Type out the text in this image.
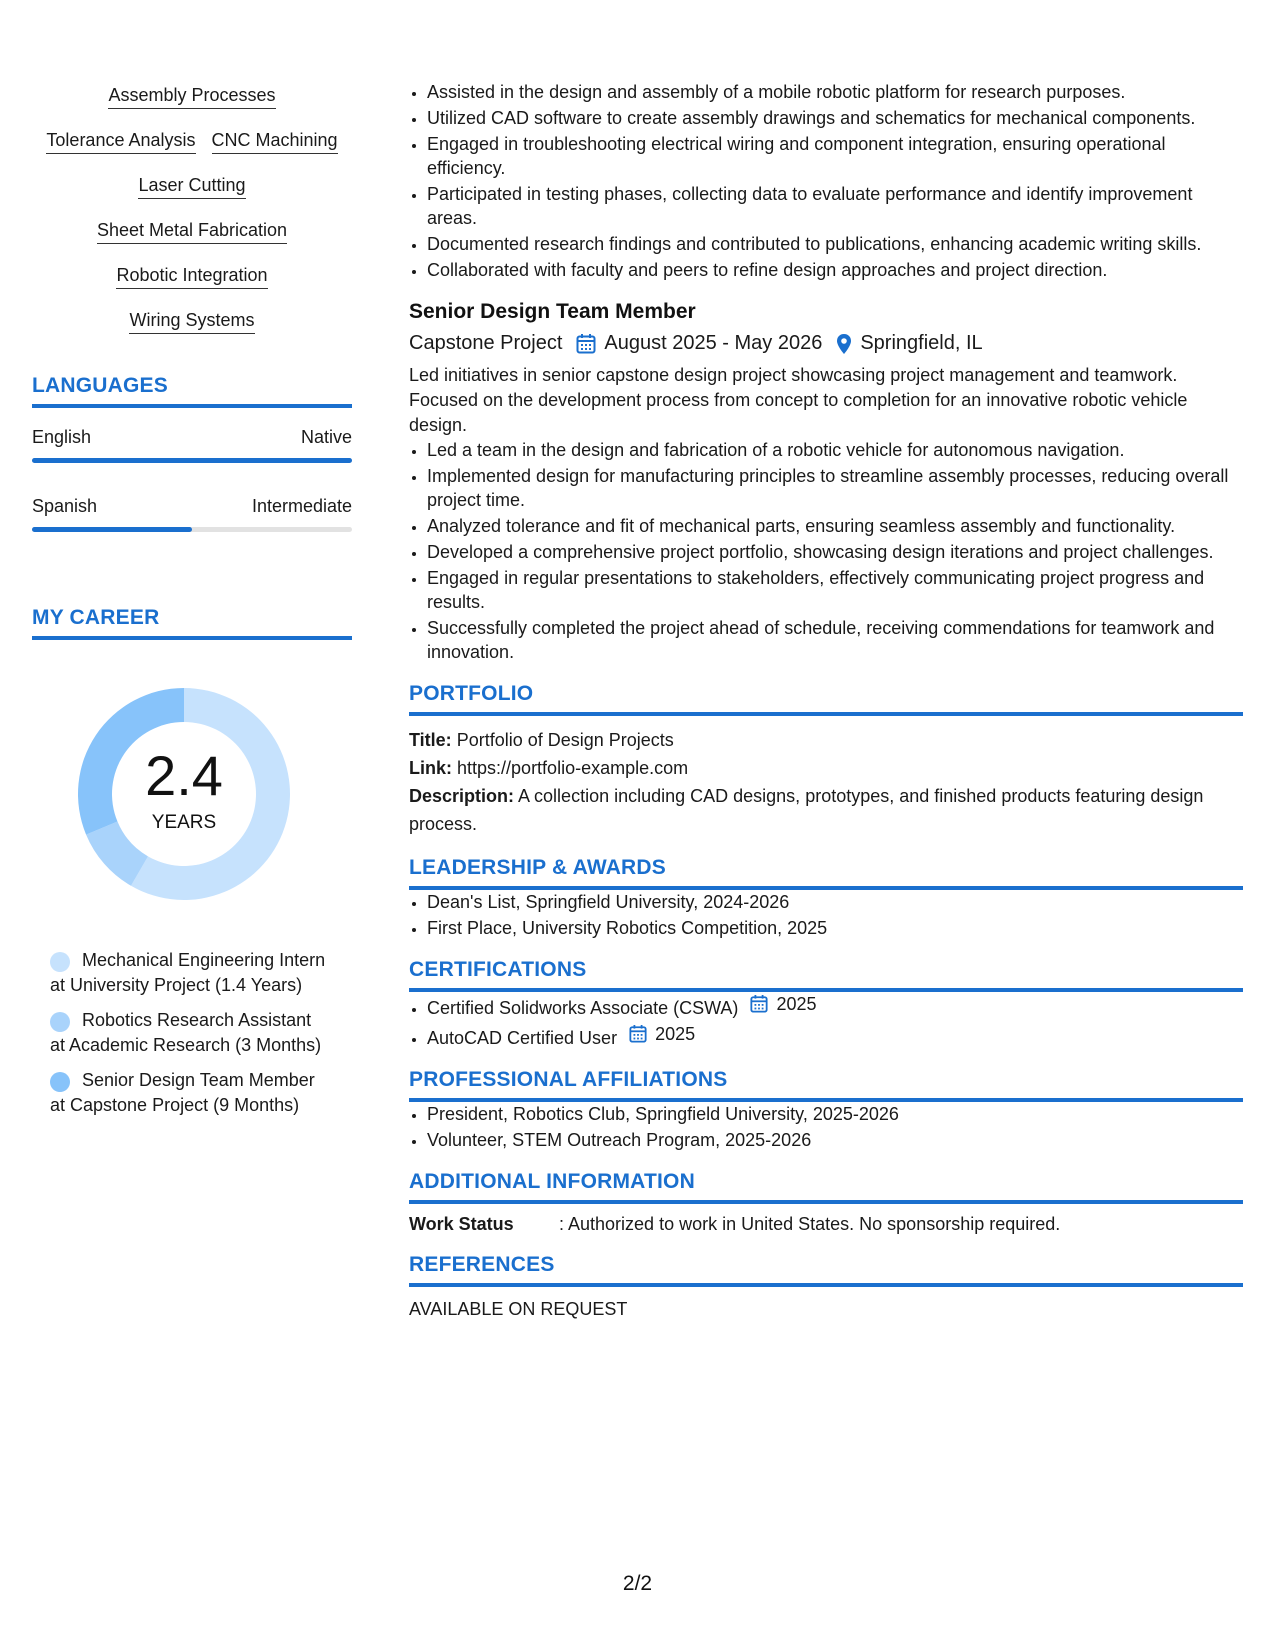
Assembly Processes
Tolerance Analysis CNC Machining
Laser Cutting
Sheet Metal Fabrication
Robotic Integration
Wiring Systems
LANGUAGES
English	Native
Spanish	Intermediate
MY CAREER
2.4
YEARS
Mechanical Engineering Intern at University Project (1.4 Years)
Robotics Research Assistant at Academic Research (3 Months)
Senior Design Team Member at Capstone Project (9 Months)
• Assisted in the design and assembly of a mobile robotic platform for research purposes.
• Utilized CAD software to create assembly drawings and schematics for mechanical components.
• Engaged in troubleshooting electrical wiring and component integration, ensuring operational efficiency.
• Participated in testing phases, collecting data to evaluate performance and identify improvement areas.
• Documented research findings and contributed to publications, enhancing academic writing skills.
• Collaborated with faculty and peers to refine design approaches and project direction.
Senior Design Team Member
Capstone Project August 2025 - May 2026 Springfield, IL
Led initiatives in senior capstone design project showcasing project management and teamwork. Focused on the development process from concept to completion for an innovative robotic vehicle design.
• Led a team in the design and fabrication of a robotic vehicle for autonomous navigation.
• Implemented design for manufacturing principles to streamline assembly processes, reducing overall project time.
• Analyzed tolerance and fit of mechanical parts, ensuring seamless assembly and functionality.
• Developed a comprehensive project portfolio, showcasing design iterations and project challenges.
• Engaged in regular presentations to stakeholders, effectively communicating project progress and results.
• Successfully completed the project ahead of schedule, receiving commendations for teamwork and innovation.
PORTFOLIO
Title: Portfolio of Design Projects
Link: https://portfolio-example.com
Description: A collection including CAD designs, prototypes, and finished products featuring design process.
LEADERSHIP & AWARDS
• Dean's List, Springfield University, 2024-2026
• First Place, University Robotics Competition, 2025
CERTIFICATIONS
• Certified Solidworks Associate (CSWA) 2025
• AutoCAD Certified User 2025
PROFESSIONAL AFFILIATIONS
• President, Robotics Club, Springfield University, 2025-2026
• Volunteer, STEM Outreach Program, 2025-2026
ADDITIONAL INFORMATION
Work Status	: Authorized to work in United States. No sponsorship required.
REFERENCES
AVAILABLE ON REQUEST
2/2
